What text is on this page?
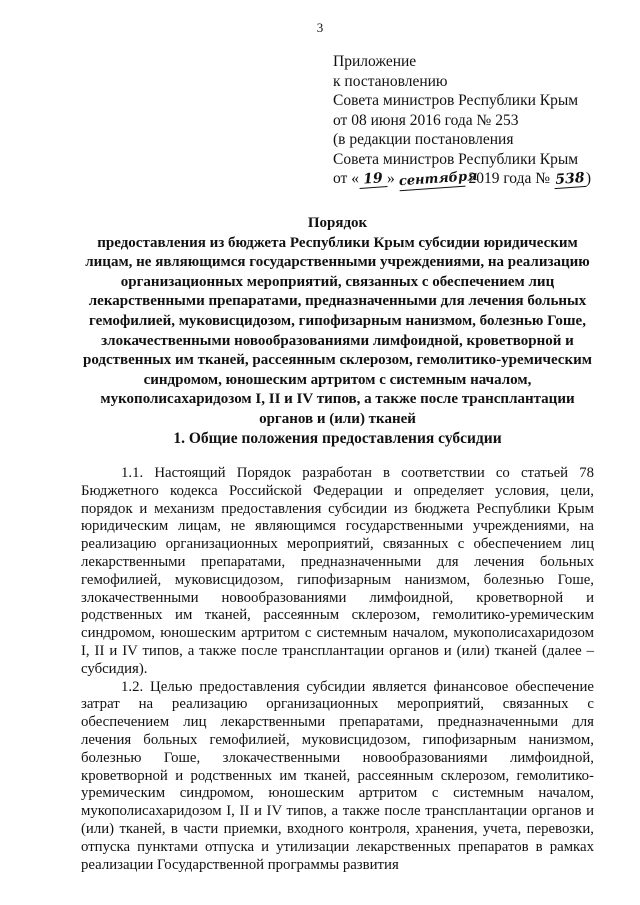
3
Приложение
к постановлению
Совета министров Республики Крым
от 08 июня 2016 года № 253
(в редакции постановления
Совета министров Республики Крым
от « 19 » сентября 2019 года № 538)
Порядок
предоставления из бюджета Республики Крым субсидии юридическим лицам, не являющимся государственными учреждениями, на реализацию организационных мероприятий, связанных с обеспечением лиц лекарственными препаратами, предназначенными для лечения больных гемофилией, муковисцидозом, гипофизарным нанизмом, болезнью Гоше, злокачественными новообразованиями лимфоидной, кроветворной и родственных им тканей, рассеянным склерозом, гемолитико-уремическим синдромом, юношеским артритом с системным началом, мукополисахаридозом I, II и IV типов, а также после трансплантации органов и (или) тканей
1. Общие положения предоставления субсидии

1.1. Настоящий Порядок разработан в соответствии со статьей 78 Бюджетного кодекса Российской Федерации и определяет условия, цели, порядок и механизм предоставления субсидии из бюджета Республики Крым юридическим лицам, не являющимся государственными учреждениями, на реализацию организационных мероприятий, связанных с обеспечением лиц лекарственными препаратами, предназначенными для лечения больных гемофилией, муковисцидозом, гипофизарным нанизмом, болезнью Гоше, злокачественными новообразованиями лимфоидной, кроветворной и родственных им тканей, рассеянным склерозом, гемолитико-уремическим синдромом, юношеским артритом с системным началом, мукополисахаридозом I, II и IV типов, а также после трансплантации органов и (или) тканей (далее – субсидия).

1.2. Целью предоставления субсидии является финансовое обеспечение затрат на реализацию организационных мероприятий, связанных с обеспечением лиц лекарственными препаратами, предназначенными для лечения больных гемофилией, муковисцидозом, гипофизарным нанизмом, болезнью Гоше, злокачественными новообразованиями лимфоидной, кроветворной и родственных им тканей, рассеянным склерозом, гемолитико-уремическим синдромом, юношеским артритом с системным началом, мукополисахаридозом I, II и IV типов, а также после трансплантации органов и (или) тканей, в части приемки, входного контроля, хранения, учета, перевозки, отпуска пунктами отпуска и утилизации лекарственных препаратов в рамках реализации Государственной программы развития
